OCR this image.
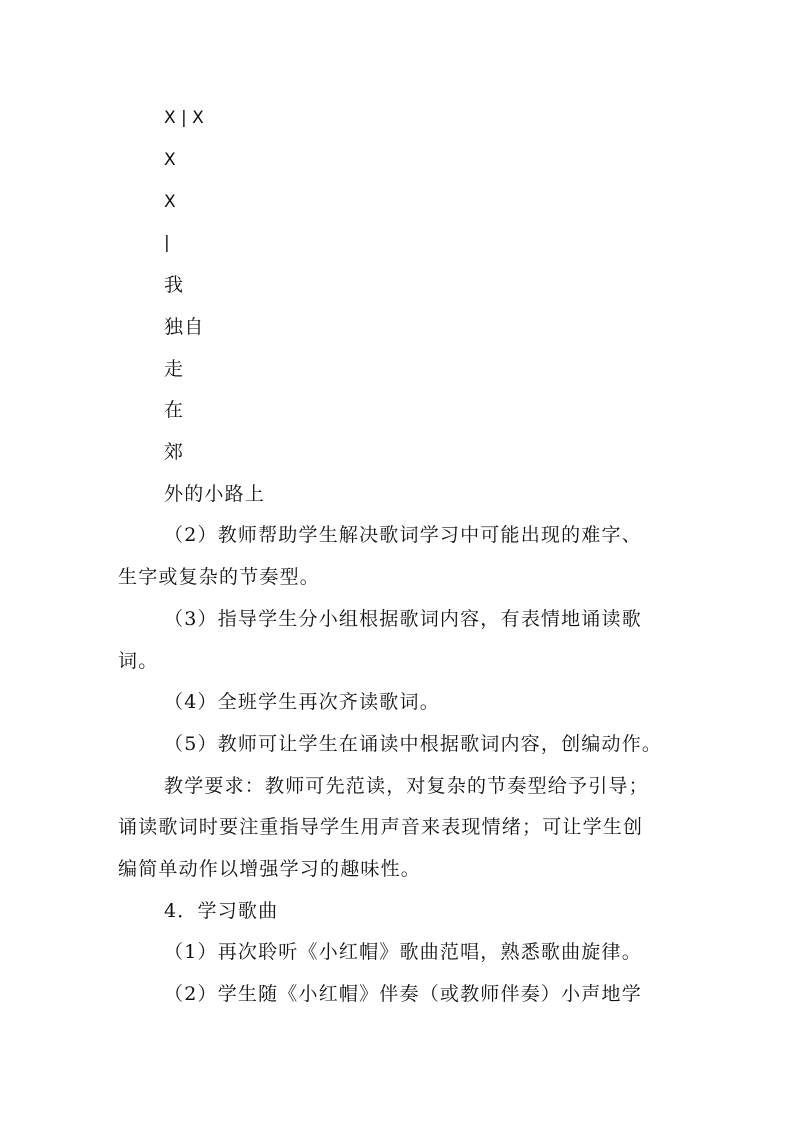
X | X
X
X
|
我
独自
走
在
郊
外的小路上
（2）教师帮助学生解决歌词学习中可能出现的难字、
生字或复杂的节奏型。
（3）指导学生分小组根据歌词内容，有表情地诵读歌
词。
（4）全班学生再次齐读歌词。
（5）教师可让学生在诵读中根据歌词内容，创编动作。
教学要求：教师可先范读，对复杂的节奏型给予引导；
诵读歌词时要注重指导学生用声音来表现情绪；可让学生创
编简单动作以增强学习的趣味性。
4．学习歌曲
（1）再次聆听《小红帽》歌曲范唱，熟悉歌曲旋律。
（2）学生随《小红帽》伴奏（或教师伴奏）小声地学
